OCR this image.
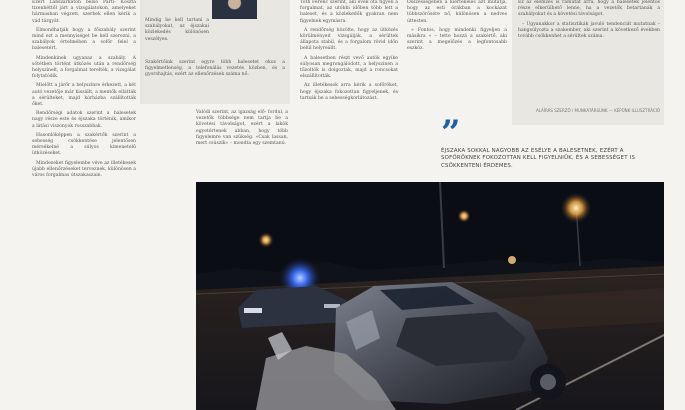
Ezért Lábszárkaton belső Parti- Koszta tizenhéttől járt a vizsgálatokon, amelyeket hármasban végzett, szerbek ellen kérik a vád tárgyát.

Elmondhatják hogy a főszabály szerint mind ezt a mennyiséget be kell szerezni, a szabályok értelmében a sofőr felel a balesetért.

Mindenkinek ugyanaz a szabály. A sötétben történt ütközés után a rendőrség helyszínelt, a forgalmat terelték, a vizsgálat folytatódik.

Mielőtt a járőr a helyszínre érkezett, a két autó vezetője már kiszállt, a mentők ellátták a sérülteket, majd kórházba szállították őket.

Rendőrségi adatok szerint a balesetek nagy része este és éjszaka történik, amikor a látási viszonyok rosszabbak.

Hasonlóképpen a szakértők szerint a sebesség csökkentése jelentősen mérsékelné a súlyos kimenetelű ütközéseket.

Mindezeket figyelembe véve az illetékesek újabb ellenőrzéseket terveznek, különösen a város forgalmas útszakaszain.

Mindig be kell tartani a szabályokat, az éjszakai közlekedés különösen veszélyes.

Szakértőink szerint egyre több balesetet okoz a figyelmetlenség, a telefonálás vezetés közben, és a gyorshajtás, ezért az ellenőrzések száma nő.

Valódi szerint, az igazság elő- fordul, a vezetők többsége nem tartja be a követési távolságot, ezért a lakók egyetértenek abban, hogy több figyelemre van szükség. »Csak lassan, mert csúszik« – mondta egy szemtanú.

Tóth Ferenc szerint, aki évek óta figyeli a forgalmat, az utóbbi időben több lett a baleset, és a közlekedők gyakran nem figyelnek egymásra.

A rendőrség közölte, hogy az ütközés körülményeit vizsgálják, a sérültek állapota stabil, és a forgalom rövid időn belül helyreállt.

A balesetben részt vevő autók egyike súlyosan megrongálódott, a helyszínen a tűzoltók is dolgoztak, majd a roncsokat elszállították.

Az illetékesek arra kérik a sofőröket, hogy éjszaka fokozottan figyeljenek, és tartsák be a sebességkorlátozást.

Összességében a kiértékelés azt mutatja, hogy az esti órákban a kockázat többszörösére nő, különösen a nedves úttesten.

» Fontos, hogy mindenki figyeljen a másikra « – tette hozzá a szakértő, aki szerint a megelőzés a legfontosabb eszköz.

Ez az elemzés is rámutat arra, hogy a balesetek jelentős része elkerülhető lenne, ha a vezetők betartanák a szabályokat és a követési távolságot.

– Ugyanakkor a statisztikák javuló tendenciát mutatnak – hangsúlyozta a szakember, aki szerint a következő években tovább csökkenhet a sérültek száma.

ALÁÍRÁS SZERZŐ / MUNKATÁRSUNK — KÉPÜNK ILLUSZTRÁCIÓ
”
ÉJSZAKA SOKKAL NAGYOBB AZ ESÉLYE A BALESETNEK, EZÉRT A SOFŐRÖKNEK FOKOZOTTAN KELL FIGYELNIÜK, ÉS A SEBESSÉGET IS CSÖKKENTENI ÉRDEMES.
